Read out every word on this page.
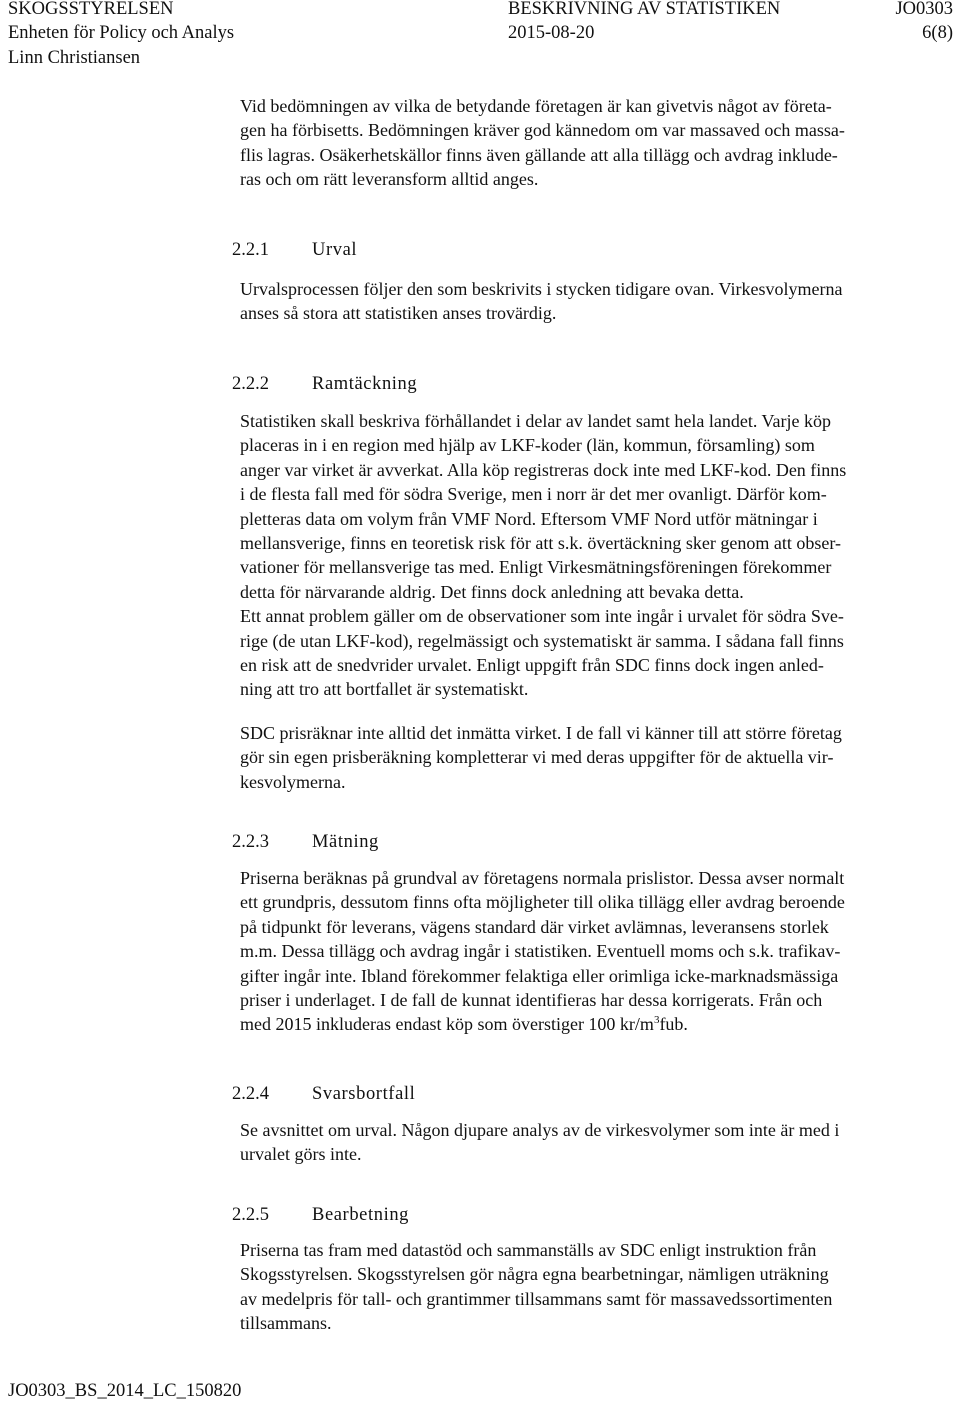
SKOGSSTYRELSEN	BESKRIVNING AV STATISTIKEN	JO0303
Enheten för Policy och Analys	2015-08-20	6(8)
Linn Christiansen
Vid bedömningen av vilka de betydande företagen är kan givetvis något av företa-
gen ha förbisetts. Bedömningen kräver god kännedom om var massaved och massa-
flis lagras. Osäkerhetskällor finns även gällande att alla tillägg och avdrag inklude-
ras och om rätt leveransform alltid anges.
2.2.1 Urval
Urvalsprocessen följer den som beskrivits i stycken tidigare ovan. Virkesvolymerna
anses så stora att statistiken anses trovärdig.
2.2.2 Ramtäckning
Statistiken skall beskriva förhållandet i delar av landet samt hela landet. Varje köp
placeras in i en region med hjälp av LKF-koder (län, kommun, församling) som
anger var virket är avverkat. Alla köp registreras dock inte med LKF-kod. Den finns
i de flesta fall med för södra Sverige, men i norr är det mer ovanligt. Därför kom-
pletteras data om volym från VMF Nord. Eftersom VMF Nord utför mätningar i
mellansverige, finns en teoretisk risk för att s.k. övertäckning sker genom att obser-
vationer för mellansverige tas med. Enligt Virkesmätningsföreningen förekommer
detta för närvarande aldrig. Det finns dock anledning att bevaka detta.
Ett annat problem gäller om de observationer som inte ingår i urvalet för södra Sve-
rige (de utan LKF-kod), regelmässigt och systematiskt är samma. I sådana fall finns
en risk att de snedvrider urvalet. Enligt uppgift från SDC finns dock ingen anled-
ning att tro att bortfallet är systematiskt.
SDC prisräknar inte alltid det inmätta virket. I de fall vi känner till att större företag
gör sin egen prisberäkning kompletterar vi med deras uppgifter för de aktuella vir-
kesvolymerna.
2.2.3 Mätning
Priserna beräknas på grundval av företagens normala prislistor. Dessa avser normalt
ett grundpris, dessutom finns ofta möjligheter till olika tillägg eller avdrag beroende
på tidpunkt för leverans, vägens standard där virket avlämnas, leveransens storlek
m.m. Dessa tillägg och avdrag ingår i statistiken. Eventuell moms och s.k. trafikav-
gifter ingår inte. Ibland förekommer felaktiga eller orimliga icke-marknadsmässiga
priser i underlaget. I de fall de kunnat identifieras har dessa korrigerats. Från och
med 2015 inkluderas endast köp som överstiger 100 $kr/m^3fub$.
2.2.4 Svarsbortfall
Se avsnittet om urval. Någon djupare analys av de virkesvolymer som inte är med i
urvalet görs inte.
2.2.5 Bearbetning
Priserna tas fram med datastöd och sammanställs av SDC enligt instruktion från
Skogsstyrelsen. Skogsstyrelsen gör några egna bearbetningar, nämligen uträkning
av medelpris för tall- och grantimmer tillsammans samt för massavedssortimenten
tillsammans.
JO0303_BS_2014_LC_150820
